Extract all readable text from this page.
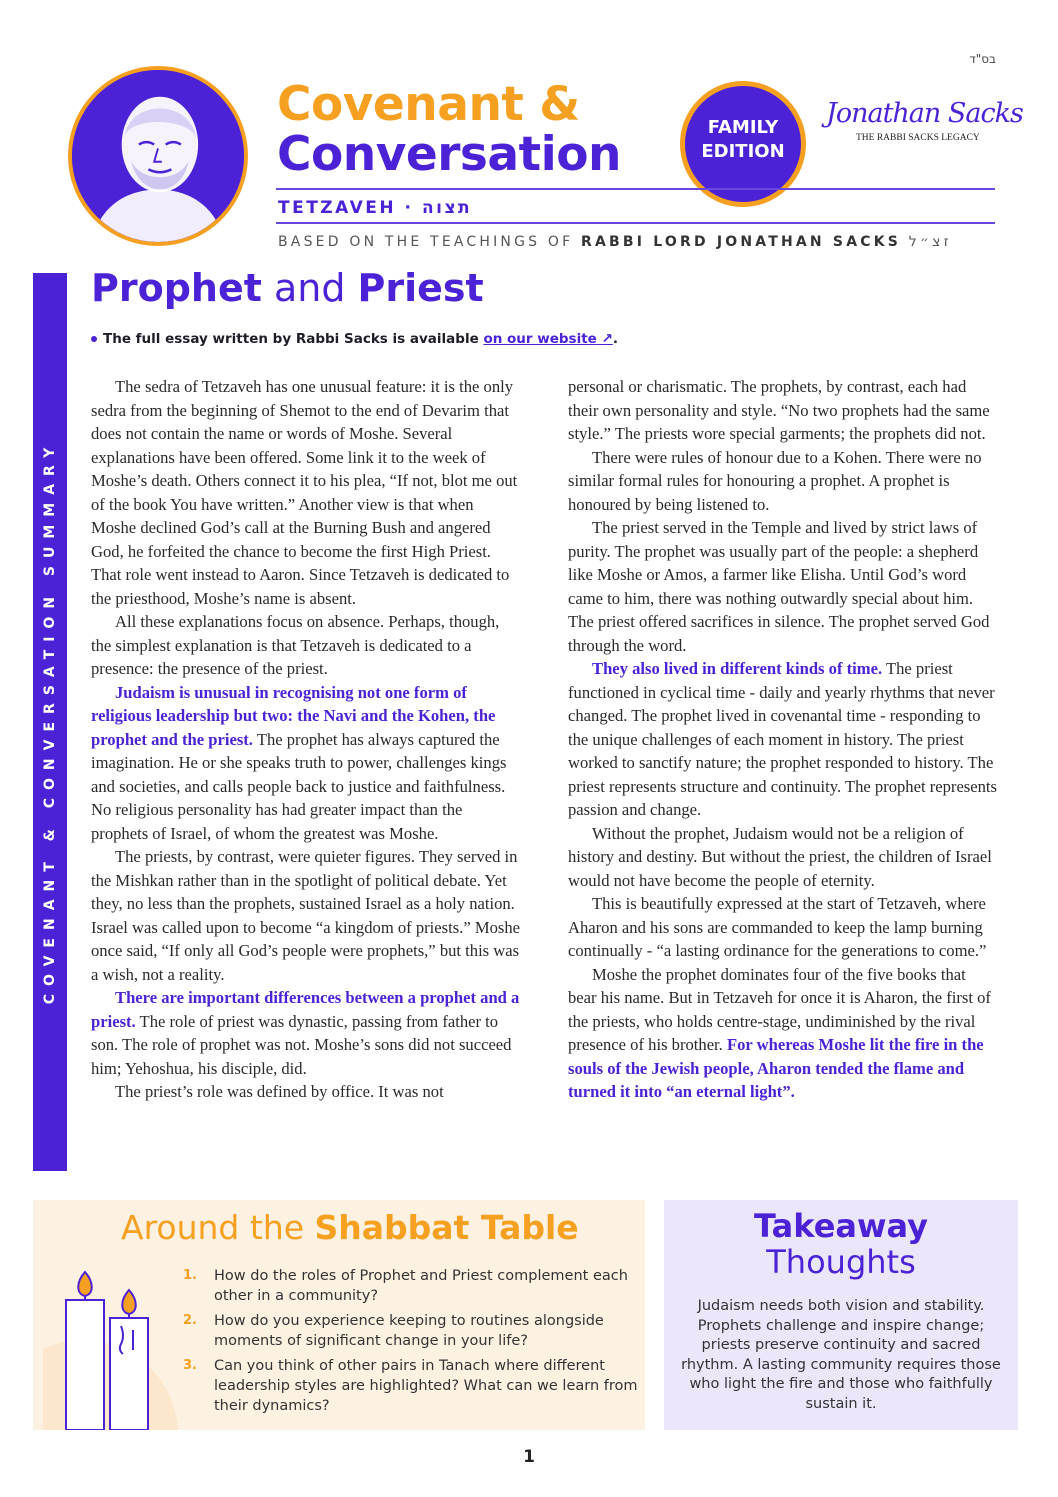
בס"ד
Covenant &
Conversation	FAMILY
EDITION
Jonathan Sacks
THE RABBI SACKS LEGACY
TETZAVEH · תצוה
BASED ON THE TEACHINGS OF RABBI LORD JONATHAN SACKS זצ״ל
COVENANT & CONVERSATION SUMMARY
Prophet and Priest
The full essay written by Rabbi Sacks is available on our website ↗.

The sedra of Tetzaveh has one unusual feature: it is the only sedra from the beginning of Shemot to the end of Devarim that does not contain the name or words of Moshe. Several explanations have been offered. Some link it to the week of Moshe’s death. Others connect it to his plea, “If not, blot me out of the book You have written.” Another view is that when Moshe declined God’s call at the Burning Bush and angered God, he forfeited the chance to become the first High Priest. That role went instead to Aaron. Since Tetzaveh is dedicated to the priesthood, Moshe’s name is absent.

All these explanations focus on absence. Perhaps, though, the simplest explanation is that Tetzaveh is dedicated to a presence: the presence of the priest.

Judaism is unusual in recognising not one form of religious leadership but two: the Navi and the Kohen, the prophet and the priest. The prophet has always captured the imagination. He or she speaks truth to power, challenges kings and societies, and calls people back to justice and faithfulness. No religious personality has had greater impact than the prophets of Israel, of whom the greatest was Moshe.

The priests, by contrast, were quieter figures. They served in the Mishkan rather than in the spotlight of political debate. Yet they, no less than the prophets, sustained Israel as a holy nation. Israel was called upon to become “a kingdom of priests.” Moshe once said, “If only all God’s people were prophets,” but this was a wish, not a reality.

There are important differences between a prophet and a priest. The role of priest was dynastic, passing from father to son. The role of prophet was not. Moshe’s sons did not succeed him; Yehoshua, his disciple, did.

The priest’s role was defined by office. It was not

personal or charismatic. The prophets, by contrast, each had their own personality and style. “No two prophets had the same style.” The priests wore special garments; the prophets did not.

There were rules of honour due to a Kohen. There were no similar formal rules for honouring a prophet. A prophet is honoured by being listened to.

The priest served in the Temple and lived by strict laws of purity. The prophet was usually part of the people: a shepherd like Moshe or Amos, a farmer like Elisha. Until God’s word came to him, there was nothing outwardly special about him. The priest offered sacrifices in silence. The prophet served God through the word.

They also lived in different kinds of time. The priest functioned in cyclical time - daily and yearly rhythms that never changed. The prophet lived in covenantal time - responding to the unique challenges of each moment in history. The priest worked to sanctify nature; the prophet responded to history. The priest represents structure and continuity. The prophet represents passion and change.

Without the prophet, Judaism would not be a religion of history and destiny. But without the priest, the children of Israel would not have become the people of eternity.

This is beautifully expressed at the start of Tetzaveh, where Aharon and his sons are commanded to keep the lamp burning continually - “a lasting ordinance for the generations to come.”

Moshe the prophet dominates four of the five books that bear his name. But in Tetzaveh for once it is Aharon, the first of the priests, who holds centre-stage, undiminished by the rival presence of his brother. For whereas Moshe lit the fire in the souls of the Jewish people, Aharon tended the flame and turned it into “an eternal light”.

Around the Shabbat Table
1. How do the roles of Prophet and Priest complement each other in a community?
2. How do you experience keeping to routines alongside moments of significant change in your life?
3. Can you think of other pairs in Tanach where different leadership styles are highlighted? What can we learn from their dynamics?
Takeaway
Thoughts
Judaism needs both vision and stability. Prophets challenge and inspire change; priests preserve continuity and sacred rhythm. A lasting community requires those who light the fire and those who faithfully sustain it.
1
